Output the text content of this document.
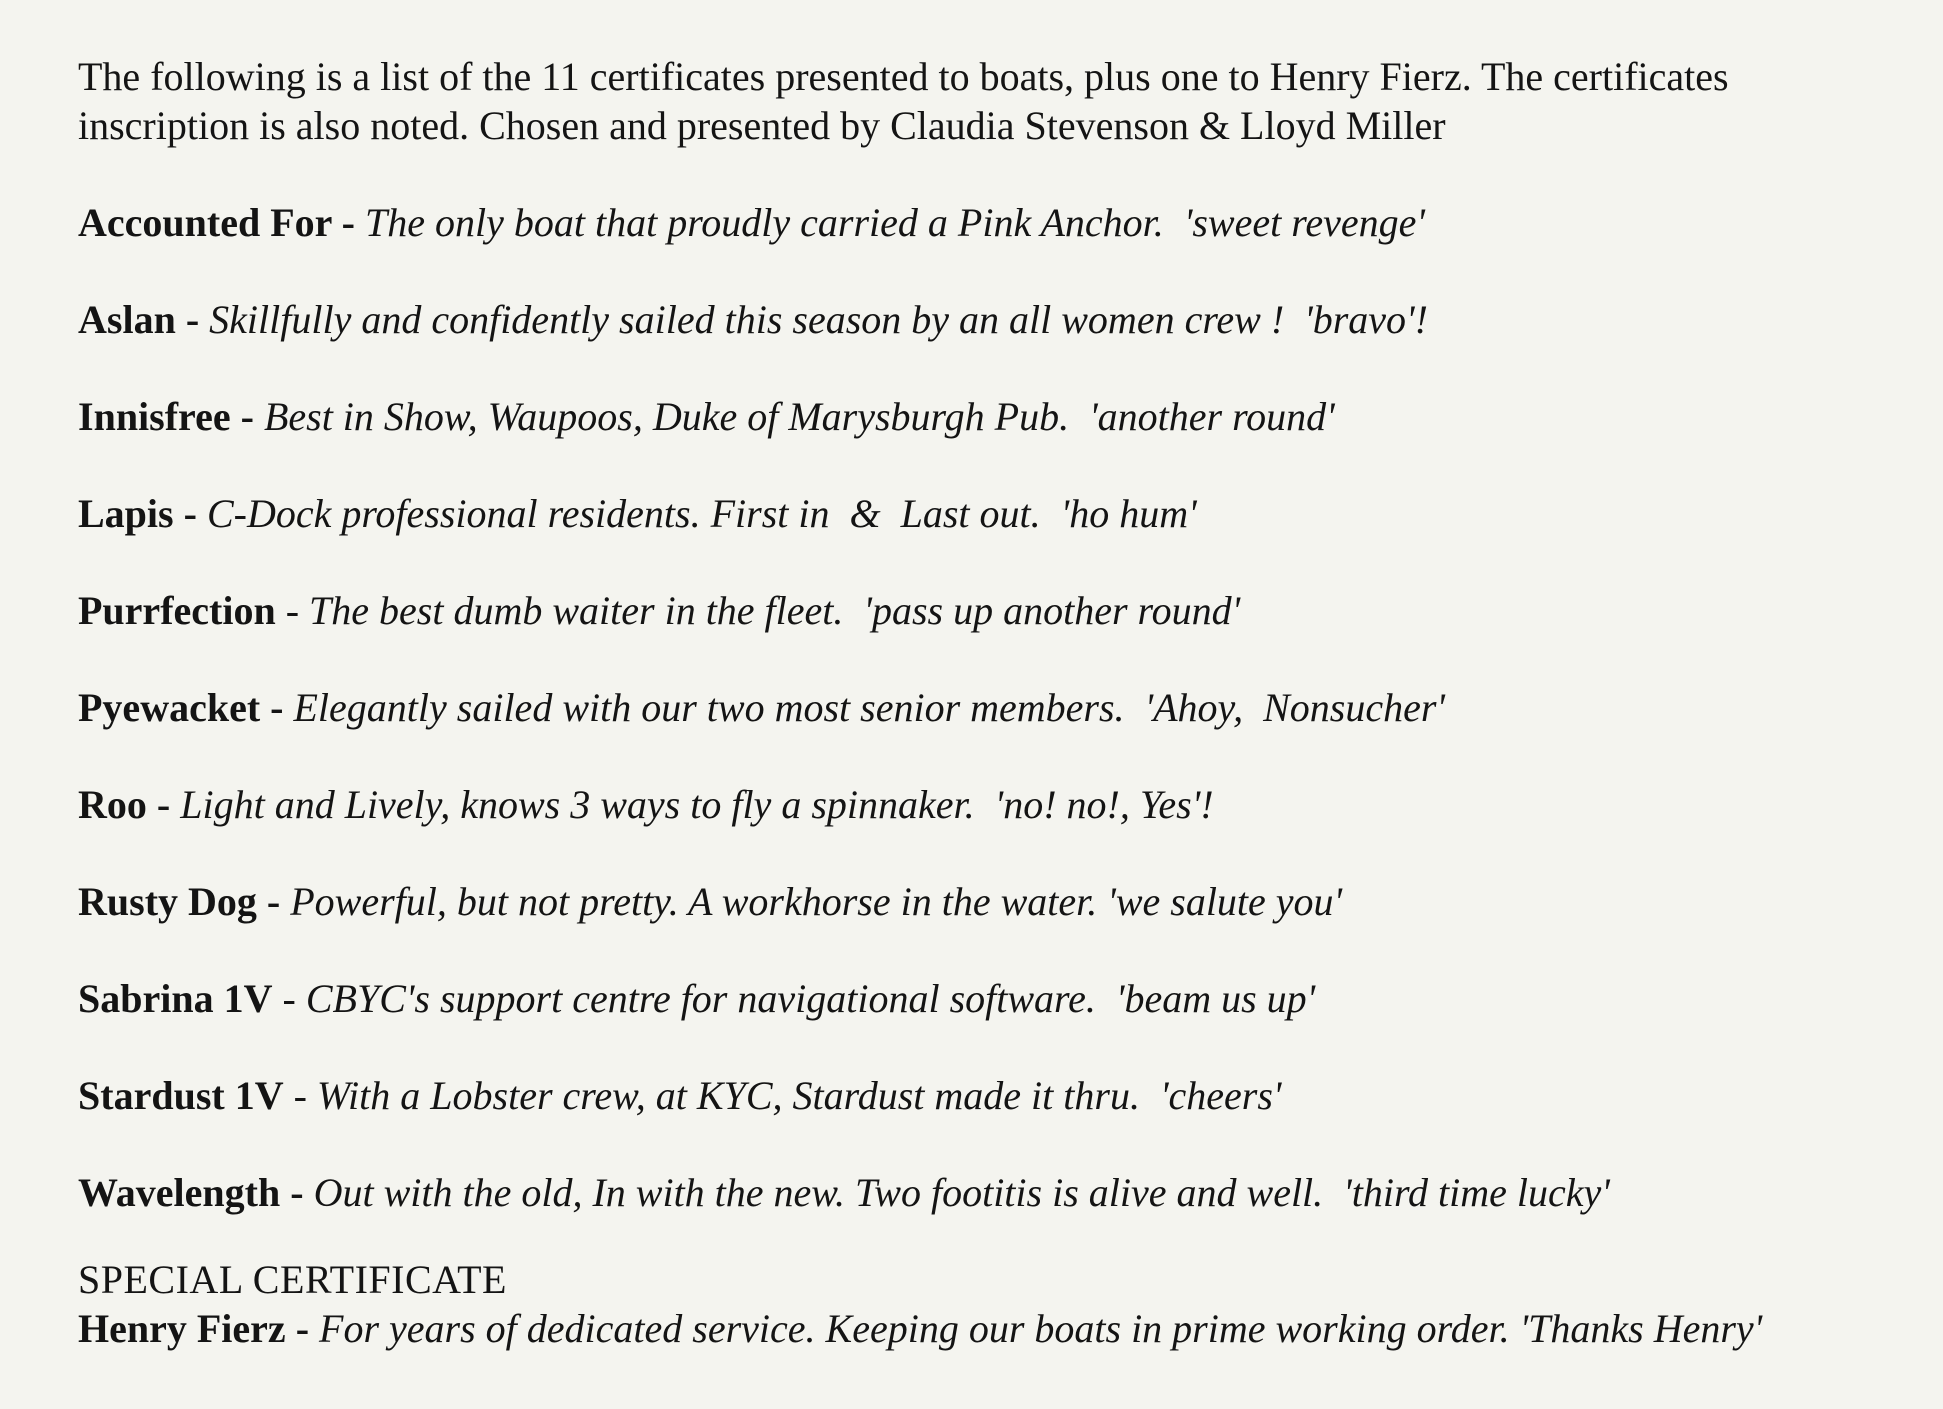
The following is a list of the 11 certificates presented to boats, plus one to Henry Fierz. The certificates inscription is also noted. Chosen and presented by Claudia Stevenson & Lloyd Miller

Accounted For - The only boat that proudly carried a Pink Anchor. 'sweet revenge'
Aslan - Skillfully and confidently sailed this season by an all women crew ! 'bravo'!
Innisfree - Best in Show, Waupoos, Duke of Marysburgh Pub. 'another round'
Lapis - C-Dock professional residents. First in  &  Last out. 'ho hum'
Purrfection - The best dumb waiter in the fleet. 'pass up another round'
Pyewacket - Elegantly sailed with our two most senior members. 'Ahoy,  Nonsucher'
Roo - Light and Lively, knows 3 ways to fly a spinnaker. 'no! no!, Yes'!
Rusty Dog - Powerful, but not pretty. A workhorse in the water. 'we salute you'
Sabrina 1V - CBYC's support centre for navigational software. 'beam us up'
Stardust 1V - With a Lobster crew, at KYC, Stardust made it thru. 'cheers'
Wavelength - Out with the old, In with the new. Two footitis is alive and well. 'third time lucky'
SPECIAL CERTIFICATE
Henry Fierz - For years of dedicated service. Keeping our boats in prime working order. 'Thanks Henry'
